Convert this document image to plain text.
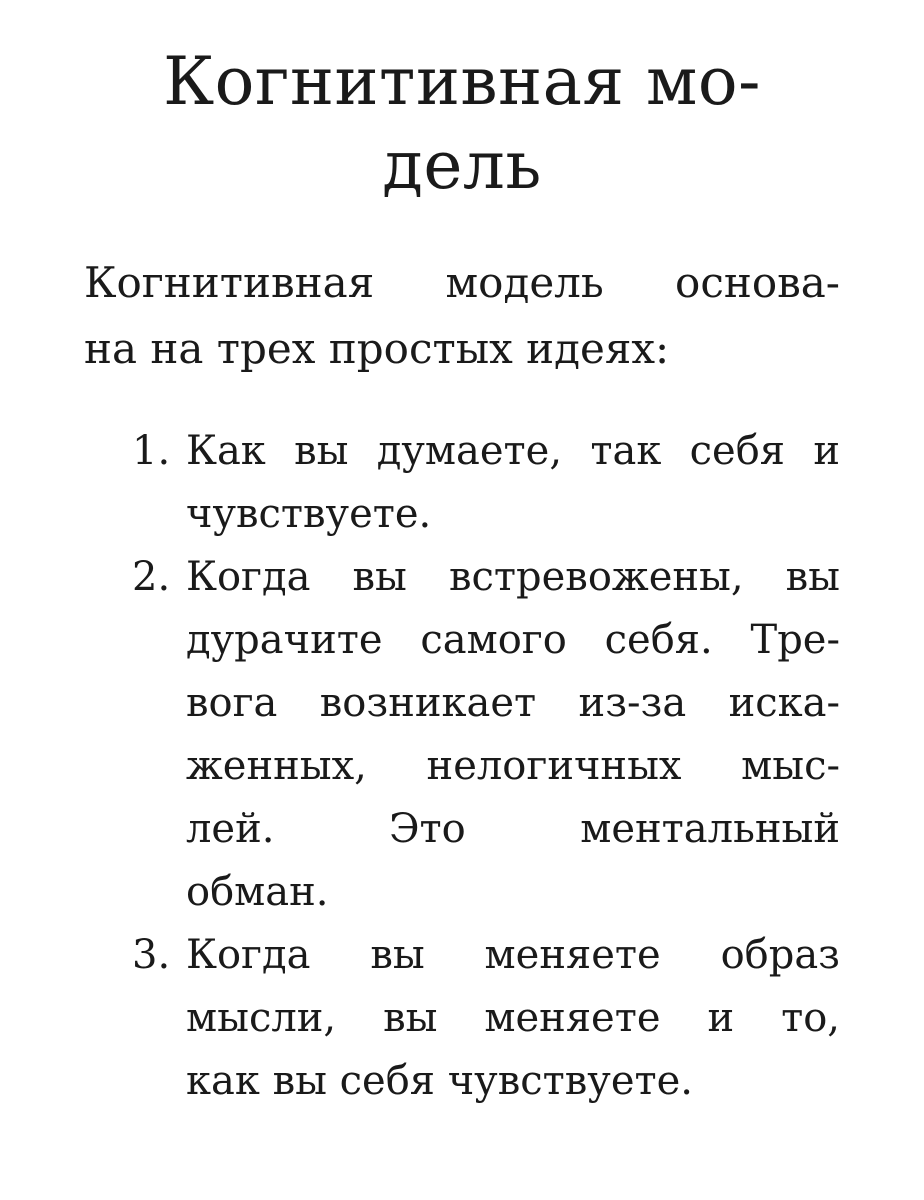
Когнитивная мо-
дель

Когнитивная модель основа-
на на трех простых идеях:

1. Как вы думаете, так себя и
чувствуете.
2. Когда вы встревожены, вы
дурачите самого себя. Тре-
вога возникает из-за иска-
женных, нелогичных мыс-
лей. Это ментальный
обман.
3. Когда вы меняете образ
мысли, вы меняете и то,
как вы себя чувствуете.
